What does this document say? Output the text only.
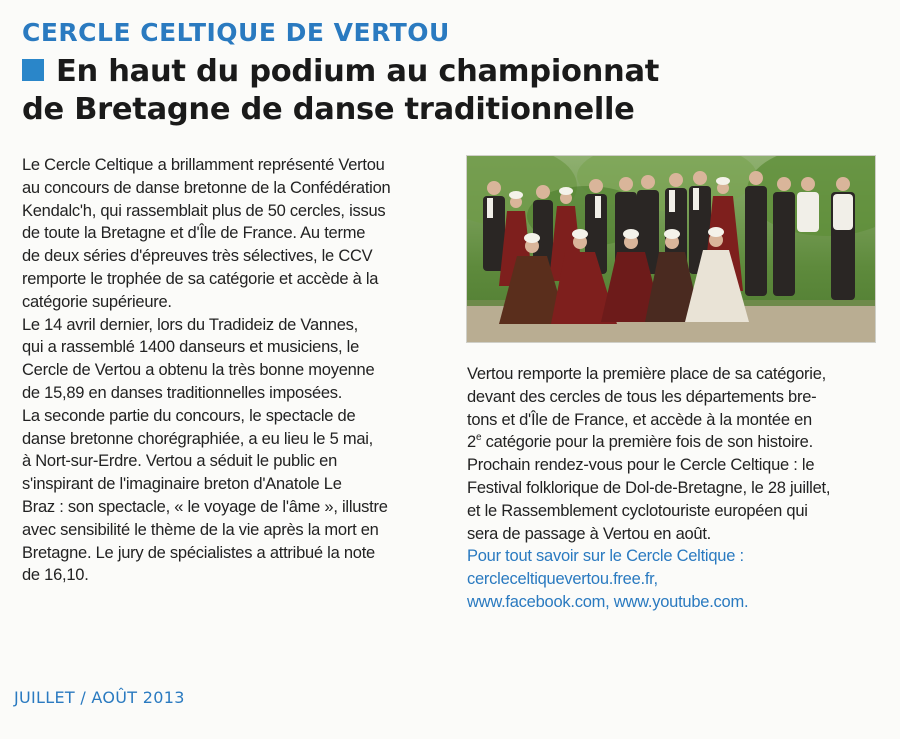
CERCLE CELTIQUE DE VERTOU
En haut du podium au championnat
de Bretagne de danse traditionnelle
Le Cercle Celtique a brillamment représenté Vertou
au concours de danse bretonne de la Confédération
Kendalc'h, qui rassemblait plus de 50 cercles, issus
de toute la Bretagne et d'Île de France. Au terme
de deux séries d'épreuves très sélectives, le CCV
remporte le trophée de sa catégorie et accède à la
catégorie supérieure.
Le 14 avril dernier, lors du Tradideiz de Vannes,
qui a rassemblé 1400 danseurs et musiciens, le
Cercle de Vertou a obtenu la très bonne moyenne
de 15,89 en danses traditionnelles imposées.
La seconde partie du concours, le spectacle de
danse bretonne chorégraphiée, a eu lieu le 5 mai,
à Nort-sur-Erdre. Vertou a séduit le public en
s'inspirant de l'imaginaire breton d'Anatole Le
Braz : son spectacle, « le voyage de l'âme », illustre
avec sensibilité le thème de la vie après la mort en
Bretagne. Le jury de spécialistes a attribué la note
de 16,10.
Vertou remporte la première place de sa catégorie,
devant des cercles de tous les départements bre-
tons et d'Île de France, et accède à la montée en
2e catégorie pour la première fois de son histoire.
Prochain rendez-vous pour le Cercle Celtique : le
Festival folklorique de Dol-de-Bretagne, le 28 juillet,
et le Rassemblement cyclotouriste européen qui
sera de passage à Vertou en août.
Pour tout savoir sur le Cercle Celtique :
cercleceltiquevertou.free.fr,
www.facebook.com, www.youtube.com.
JUILLET / AOÛT 2013
